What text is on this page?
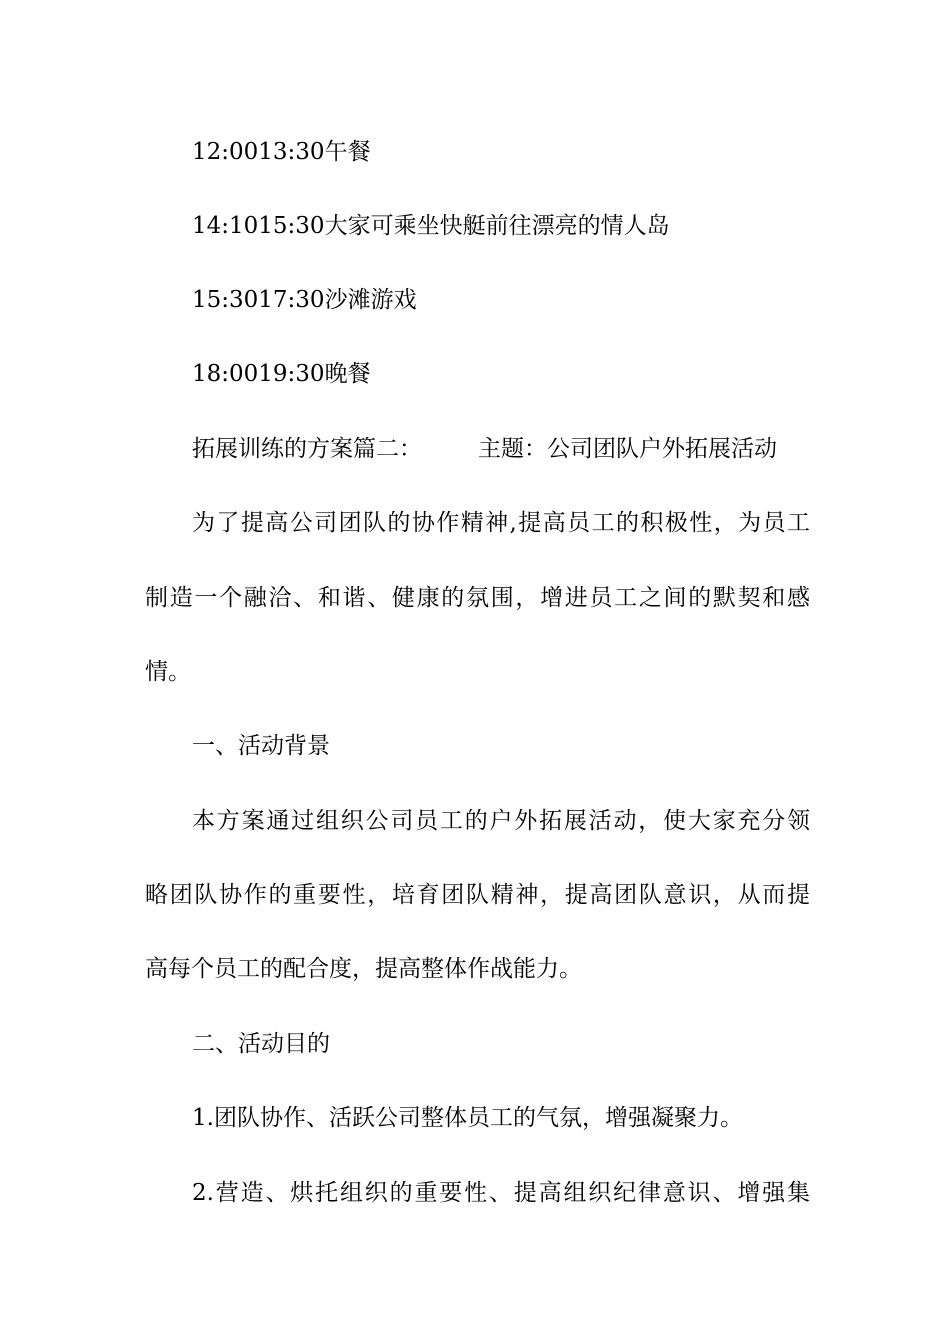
12:0013:30午餐
14:1015:30大家可乘坐快艇前往漂亮的情人岛
15:3017:30沙滩游戏
18:0019:30晚餐
拓展训练的方案篇二： 主题：公司团队户外拓展活动
为了提高公司团队的协作精神,提高员工的积极性，为员工
制造一个融洽、和谐、健康的氛围，增进员工之间的默契和感
情。
一、活动背景
本方案通过组织公司员工的户外拓展活动，使大家充分领
略团队协作的重要性，培育团队精神，提高团队意识，从而提
高每个员工的配合度，提高整体作战能力。
二、活动目的
1.团队协作、活跃公司整体员工的气氛，增强凝聚力。
2.营造、烘托组织的重要性、提高组织纪律意识、增强集
